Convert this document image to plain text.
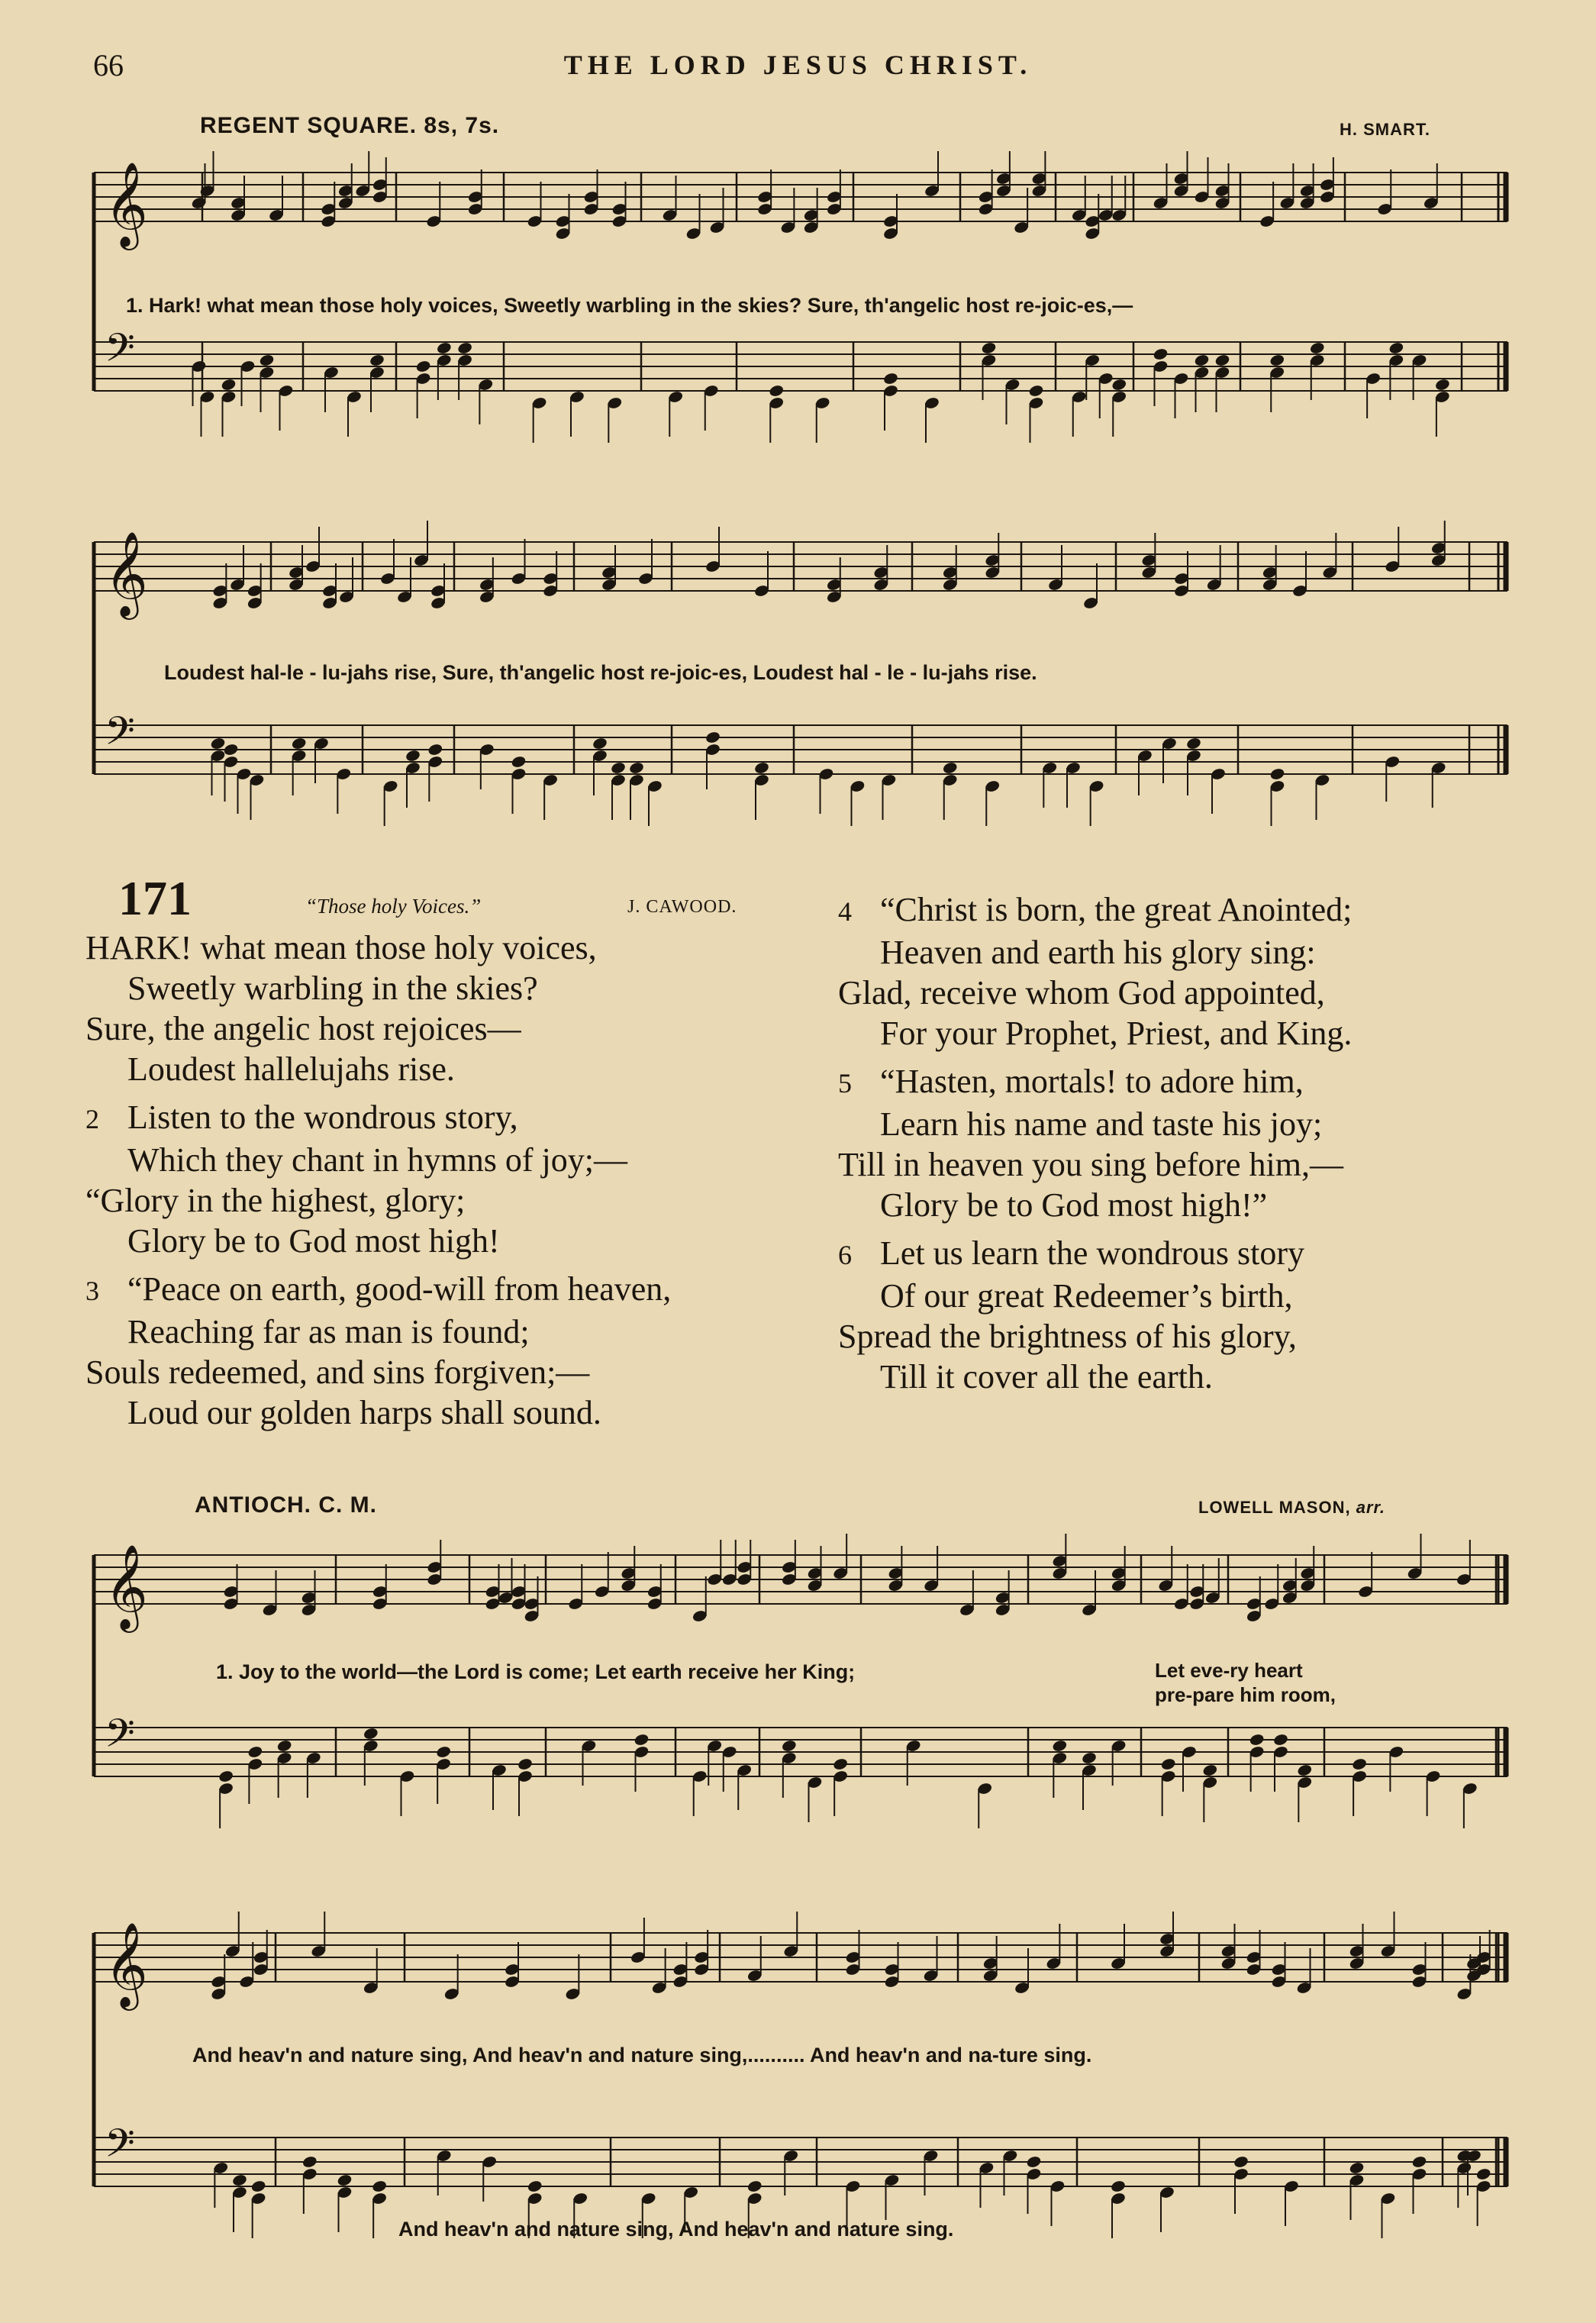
66	THE LORD JESUS CHRIST.
REGENT SQUARE. 8s, 7s.	H. SMART.
𝄞
𝄢
1. Hark! what mean those holy voices, Sweetly warbling in the skies? Sure, th'angelic host re-joic-es,—
𝄞
𝄢
Loudest hal-le - lu-jahs rise, Sure, th'angelic host re-joic-es, Loudest hal - le - lu-jahs rise.
171	“Those holy Voices.”	J. CAWOOD.
HARK! what mean those holy voices,
Sweetly warbling in the skies?
Sure, the angelic host rejoices—
Loudest hallelujahs rise.
2 Listen to the wondrous story,
Which they chant in hymns of joy;—
“Glory in the highest, glory;
Glory be to God most high!
3 “Peace on earth, good-will from heaven,
Reaching far as man is found;
Souls redeemed, and sins forgiven;—
Loud our golden harps shall sound.
4 “Christ is born, the great Anointed;
Heaven and earth his glory sing:
Glad, receive whom God appointed,
For your Prophet, Priest, and King.
5 “Hasten, mortals! to adore him,
Learn his name and taste his joy;
Till in heaven you sing before him,—
Glory be to God most high!”
6 Let us learn the wondrous story
Of our great Redeemer’s birth,
Spread the brightness of his glory,
Till it cover all the earth.
ANTIOCH. C. M.	LOWELL MASON, arr.
𝄞
𝄢
1. Joy to the world—the Lord is come; Let earth receive her King;	Let eve-ry heart
pre-pare him room,
𝄞
𝄢
And heav'n and nature sing, And heav'n and nature sing,.......... And heav'n and na-ture sing.
And heav'n and nature sing, And heav'n and nature sing.
